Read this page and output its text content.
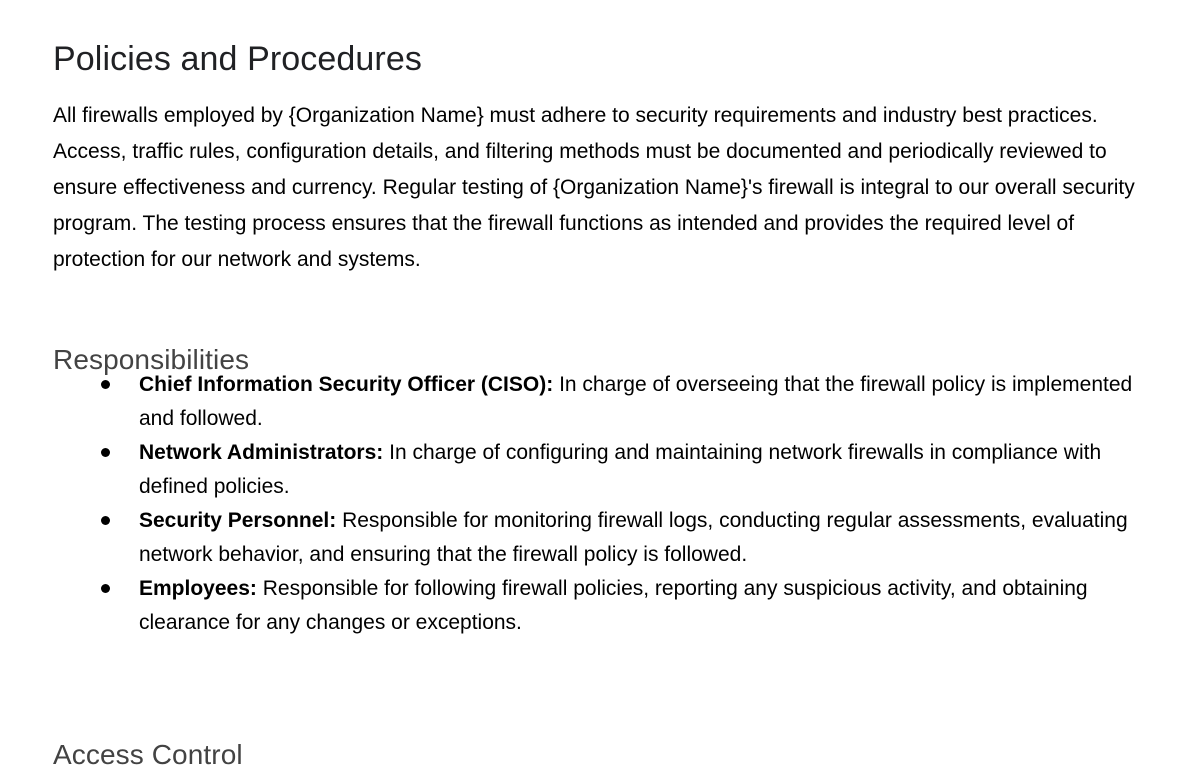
Policies and Procedures

All firewalls employed by {Organization Name} must adhere to security requirements and industry best practices. Access, traffic rules, configuration details, and filtering methods must be documented and periodically reviewed to ensure effectiveness and currency. Regular testing of {Organization Name}'s firewall is integral to our overall security program. The testing process ensures that the firewall functions as intended and provides the required level of protection for our network and systems.

Responsibilities
Chief Information Security Officer (CISO): In charge of overseeing that the firewall policy is implemented and followed.
Network Administrators: In charge of configuring and maintaining network firewalls in compliance with defined policies.
Security Personnel: Responsible for monitoring firewall logs, conducting regular assessments, evaluating network behavior, and ensuring that the firewall policy is followed.
Employees: Responsible for following firewall policies, reporting any suspicious activity, and obtaining clearance for any changes or exceptions.
Access Control
